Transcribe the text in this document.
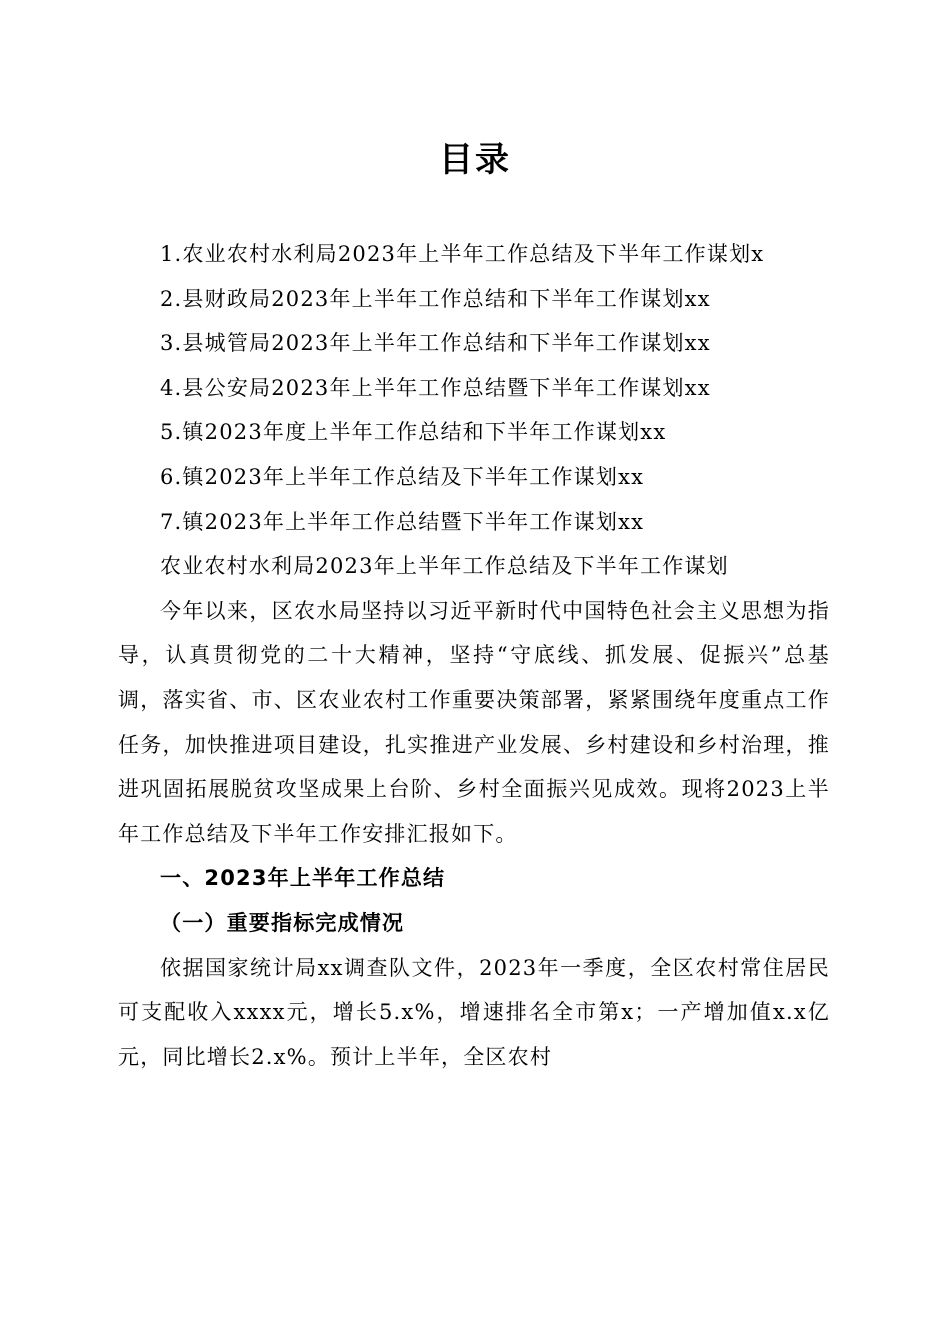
目录

1.农业农村水利局2023年上半年工作总结及下半年工作谋划x

2.县财政局2023年上半年工作总结和下半年工作谋划xx

3.县城管局2023年上半年工作总结和下半年工作谋划xx

4.县公安局2023年上半年工作总结暨下半年工作谋划xx

5.镇2023年度上半年工作总结和下半年工作谋划xx

6.镇2023年上半年工作总结及下半年工作谋划xx

7.镇2023年上半年工作总结暨下半年工作谋划xx

农业农村水利局2023年上半年工作总结及下半年工作谋划

今年以来，区农水局坚持以习近平新时代中国特色社会主义思想为指导，认真贯彻党的二十大精神，坚持“守底线、抓发展、促振兴”总基调，落实省、市、区农业农村工作重要决策部署，紧紧围绕年度重点工作任务，加快推进项目建设，扎实推进产业发展、乡村建设和乡村治理，推进巩固拓展脱贫攻坚成果上台阶、乡村全面振兴见成效。现将2023上半年工作总结及下半年工作安排汇报如下。

一、2023年上半年工作总结

（一）重要指标完成情况

依据国家统计局xx调查队文件，2023年一季度，全区农村常住居民可支配收入xxxx元，增长5.x%，增速排名全市第x；一产增加值x.x亿元，同比增长2.x%。预计上半年，全区农村
